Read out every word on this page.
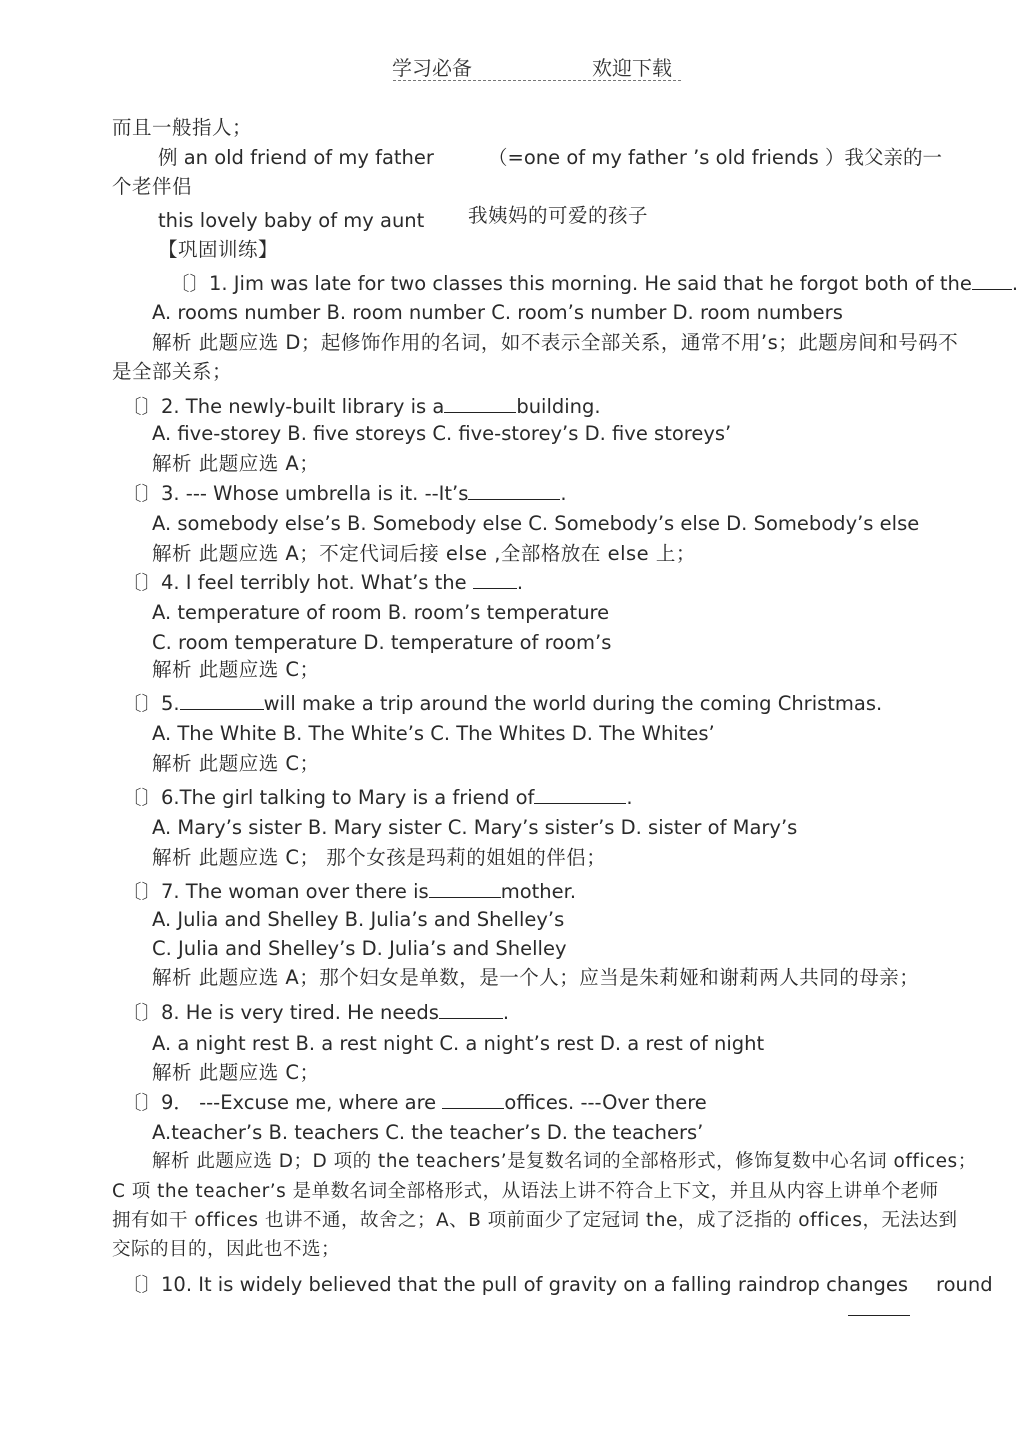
学习必备	欢迎下载
而且一般指人；
例 an old friend of my father	（=one of my father ’s old friends ）我父亲的一
个老伴侣
this lovely baby of my aunt 我姨妈的可爱的孩子
【巩固训练】
〔〕1. Jim was late for two classes this morning. He said that he forgot both of the .
A. rooms number B. room number C. room’s number D. room numbers
解析 此题应选 D；起修饰作用的名词，如不表示全部关系，通常不用’s；此题房间和号码不
是全部关系；
〔〕2. The newly-built library is a	building.
A. five-storey B. five storeys C. five-storey’s D. five storeys’
解析 此题应选 A；
〔〕3. --- Whose umbrella is it. --It’s	.
A. somebody else’s B. Somebody else C. Somebody’s else D. Somebody’s else
解析 此题应选 A；不定代词后接 else ,全部格放在 else 上；
〔〕4. I feel terribly hot. What’s the	.
A. temperature of room B. room’s temperature
C. room temperature D. temperature of room’s
解析 此题应选 C；
〔〕5.	will make a trip around the world during the coming Christmas.
A. The White B. The White’s C. The Whites D. The Whites’
解析 此题应选 C；
〔〕6.The girl talking to Mary is a friend of	.
A. Mary’s sister B. Mary sister C. Mary’s sister’s D. sister of Mary’s
解析 此题应选 C； 那个女孩是玛莉的姐姐的伴侣；
〔〕7. The woman over there is	mother.
A. Julia and Shelley B. Julia’s and Shelley’s
C. Julia and Shelley’s D. Julia’s and Shelley
解析 此题应选 A；那个妇女是单数，是一个人；应当是朱莉娅和谢莉两人共同的母亲；
〔〕8. He is very tired. He needs	.
A. a night rest B. a rest night C. a night’s rest D. a rest of night
解析 此题应选 C；
〔〕9． ---Excuse me, where are	offices. ---Over there
A.teacher’s B. teachers C. the teacher’s D. the teachers’
解析 此题应选 D；D 项的 the teachers’是复数名词的全部格形式，修饰复数中心名词 offices；
C 项 the teacher’s 是单数名词全部格形式，从语法上讲不符合上下文，并且从内容上讲单个老师
拥有如干 offices 也讲不通，故舍之；A、B 项前面少了定冠词 the，成了泛指的 offices，无法达到
交际的目的，因此也不选；
〔〕10. It is widely believed that the pull of gravity on a falling raindrop changes round
